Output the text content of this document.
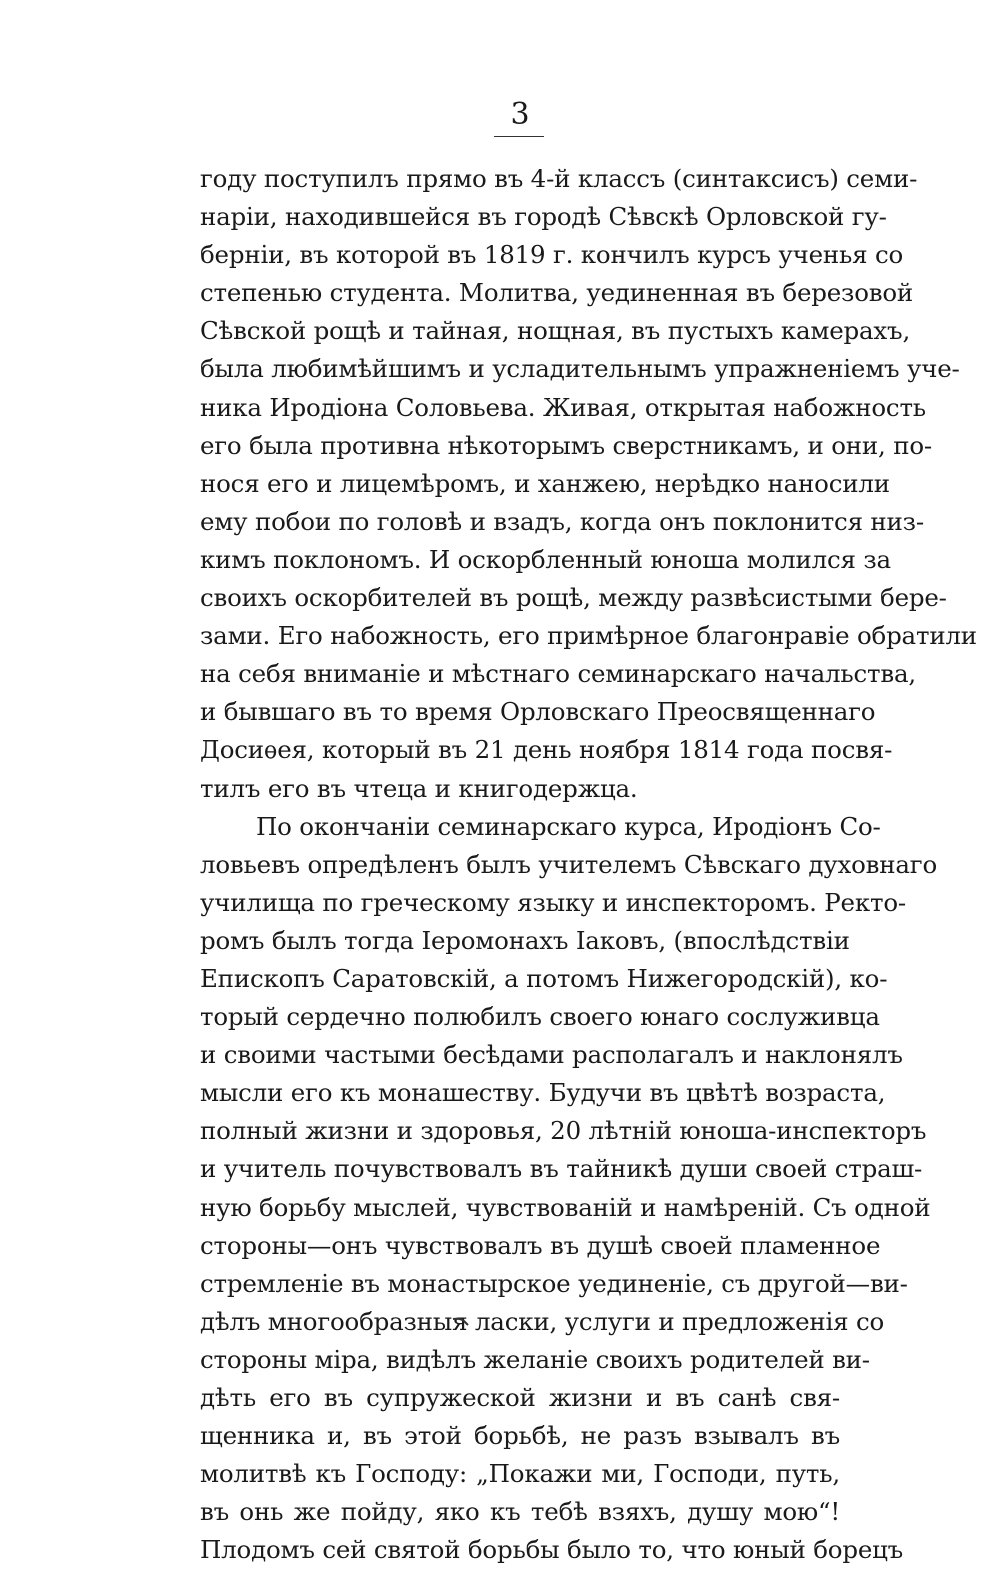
3
году поступилъ прямо въ 4-й классъ (синтаксисъ) семи-
наріи, находившейся въ городѣ Сѣвскѣ Орловской гу-
берніи, въ которой въ 1819 г. кончилъ курсъ ученья со
степенью студента. Молитва, уединенная въ березовой
Сѣвской рощѣ и тайная, нощная, въ пустыхъ камерахъ,
была любимѣйшимъ и усладительнымъ упражненіемъ уче-
ника Иродіона Соловьева. Живая, открытая набожность
его была противна нѣкоторымъ сверстникамъ, и они, по-
нося его и лицемѣромъ, и ханжею, нерѣдко наносили
ему побои по головѣ и взадъ, когда онъ поклонится низ-
кимъ поклономъ. И оскорбленный юноша молился за
своихъ оскорбителей въ рощѣ, между развѣсистыми бере-
зами. Его набожность, его примѣрное благонравіе обратили
на себя вниманіе и мѣстнаго семинарскаго начальства,
и бывшаго въ то время Орловскаго Преосвященнаго
Досиѳея, который въ 21 день ноября 1814 года посвя-
тилъ его въ чтеца и книгодержца.
По окончаніи семинарскаго курса, Иродіонъ Со-
ловьевъ опредѣленъ былъ учителемъ Сѣвскаго духовнаго
училища по греческому языку и инспекторомъ. Ректо-
ромъ былъ тогда Іеромонахъ Іаковъ, (впослѣдствіи
Епископъ Саратовскій, а потомъ Нижегородскій), ко-
торый сердечно полюбилъ своего юнаго сослуживца
и своими частыми бесѣдами располагалъ и наклонялъ
мысли его къ монашеству. Будучи въ цвѣтѣ возраста,
полный жизни и здоровья, 20 лѣтній юноша-инспекторъ
и учитель почувствовалъ въ тайникѣ души своей страш-
ную борьбу мыслей, чувствованій и намѣреній. Съ одной
стороны—онъ чувствовалъ въ душѣ своей пламенное
стремленіе въ монастырское уединеніе, съ другой—ви-
дѣлъ многообразныя ласки, услуги и предложенія со
стороны міра, видѣлъ желаніе своихъ родителей ви-
дѣть его въ супружеской жизни и въ санѣ свя-
щенника и, въ этой борьбѣ, не разъ взывалъ въ
молитвѣ къ Господу: „Покажи ми, Господи, путь,
въ онь же пойду, яко къ тебѣ взяхъ, душу мою“!
Плодомъ сей святой борьбы было то, что юный борецъ
